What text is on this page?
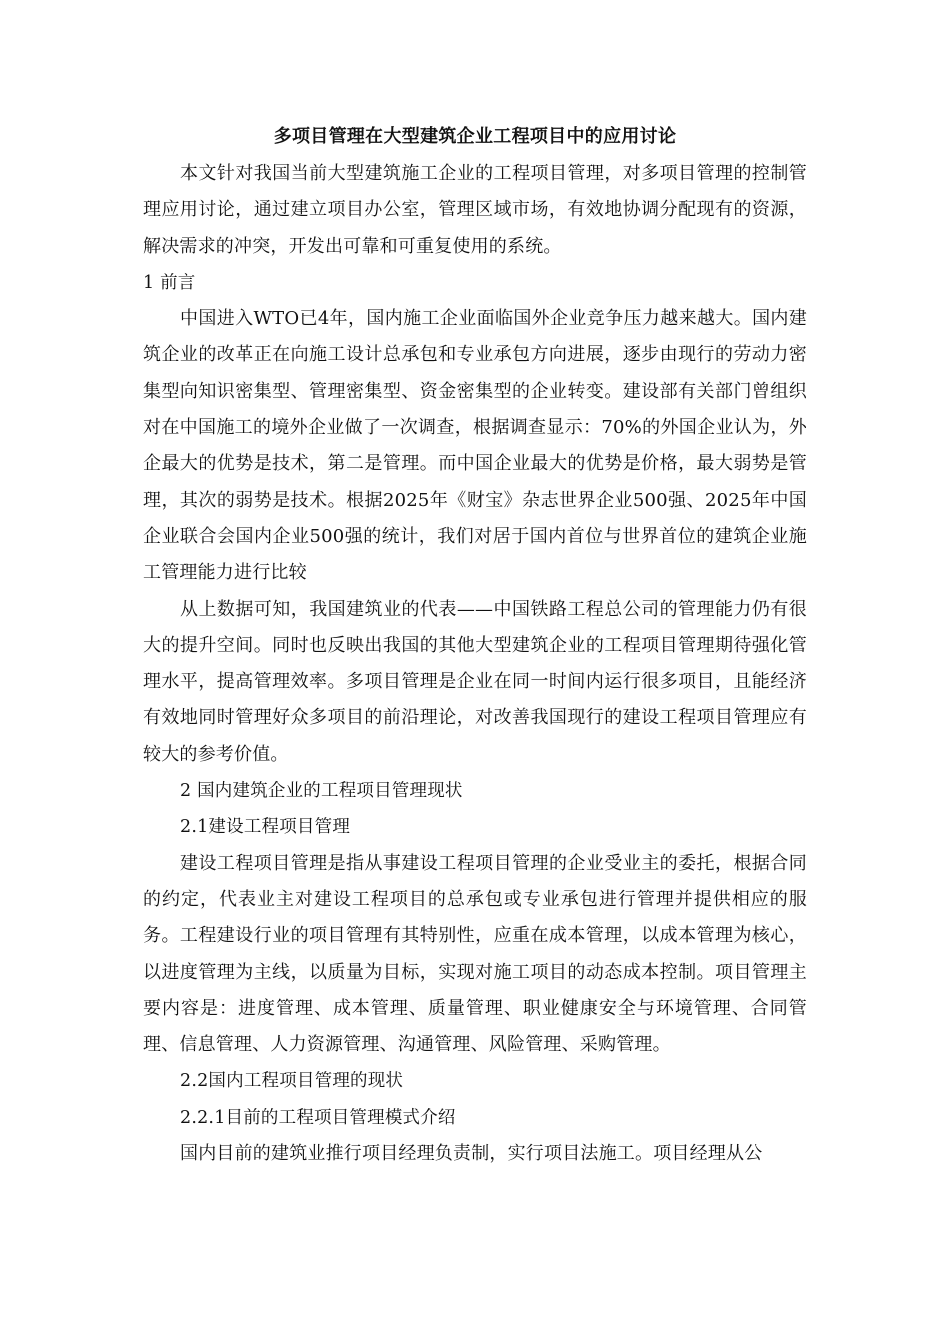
多项目管理在大型建筑企业工程项目中的应用讨论

本文针对我国当前大型建筑施工企业的工程项目管理，对多项目管理的控制管理应用讨论，通过建立项目办公室，管理区域市场，有效地协调分配现有的资源，解决需求的冲突，开发出可靠和可重复使用的系统。

1 前言

中国进入WTO已4年，国内施工企业面临国外企业竞争压力越来越大。国内建筑企业的改革正在向施工设计总承包和专业承包方向进展，逐步由现行的劳动力密集型向知识密集型、管理密集型、资金密集型的企业转变。建设部有关部门曾组织对在中国施工的境外企业做了一次调查，根据调查显示：70%的外国企业认为，外企最大的优势是技术，第二是管理。而中国企业最大的优势是价格，最大弱势是管理，其次的弱势是技术。根据2025年《财宝》杂志世界企业500强、2025年中国企业联合会国内企业500强的统计，我们对居于国内首位与世界首位的建筑企业施工管理能力进行比较

从上数据可知，我国建筑业的代表——中国铁路工程总公司的管理能力仍有很大的提升空间。同时也反映出我国的其他大型建筑企业的工程项目管理期待强化管理水平，提高管理效率。多项目管理是企业在同一时间内运行很多项目，且能经济有效地同时管理好众多项目的前沿理论，对改善我国现行的建设工程项目管理应有较大的参考价值。

2 国内建筑企业的工程项目管理现状

2.1建设工程项目管理

建设工程项目管理是指从事建设工程项目管理的企业受业主的委托，根据合同的约定，代表业主对建设工程项目的总承包或专业承包进行管理并提供相应的服务。工程建设行业的项目管理有其特别性，应重在成本管理，以成本管理为核心，以进度管理为主线，以质量为目标，实现对施工项目的动态成本控制。项目管理主要内容是：进度管理、成本管理、质量管理、职业健康安全与环境管理、合同管理、信息管理、人力资源管理、沟通管理、风险管理、采购管理。

2.2国内工程项目管理的现状

2.2.1目前的工程项目管理模式介绍

国内目前的建筑业推行项目经理负责制，实行项目法施工。项目经理从公
